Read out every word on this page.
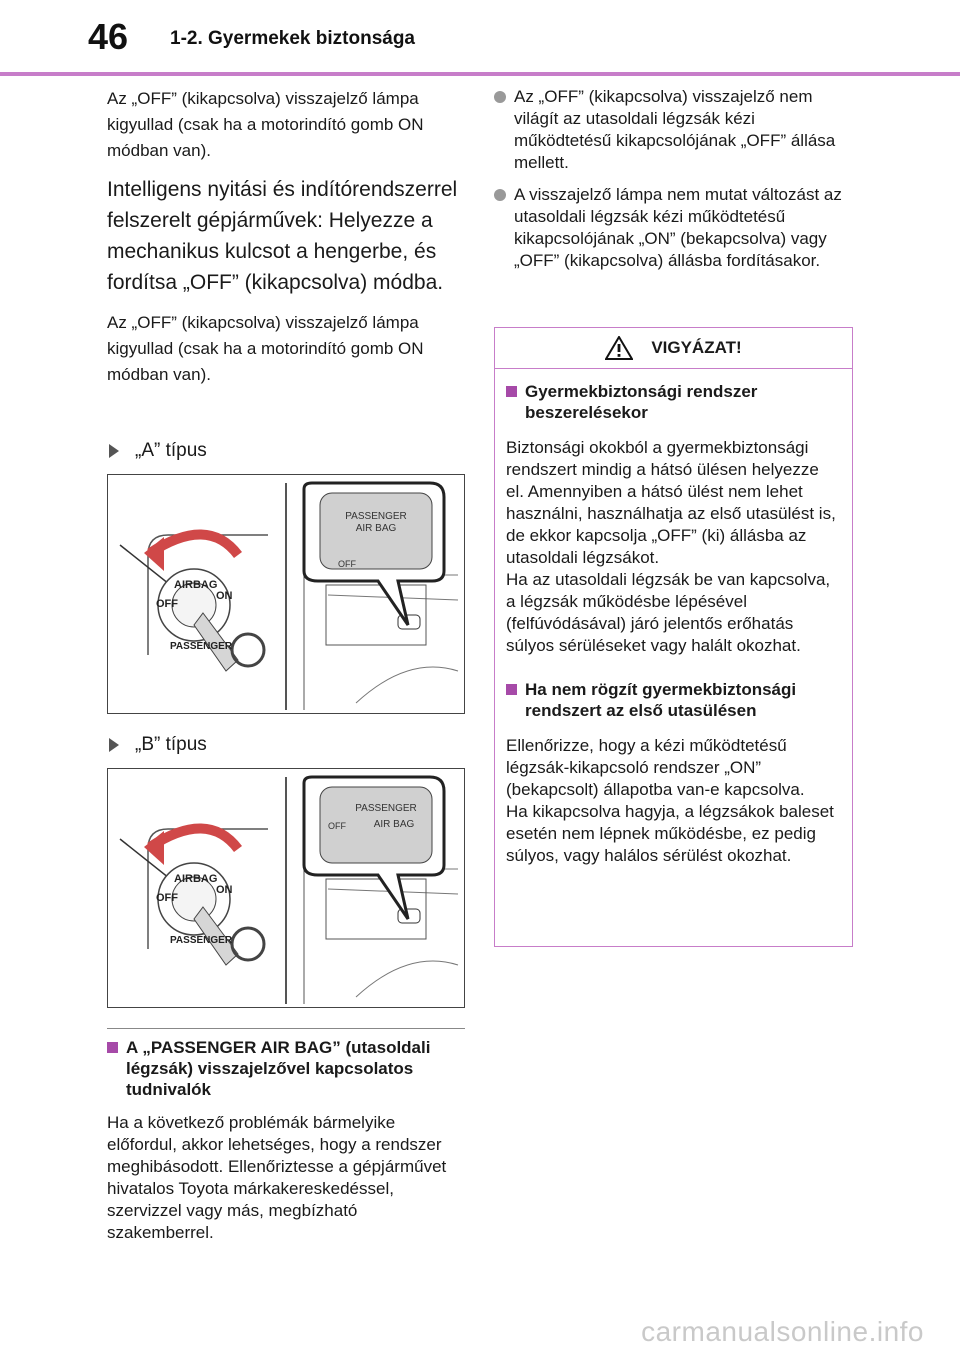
46 1-2. Gyermekek biztonsága

Az „OFF” (kikapcsolva) visszajelző lámpa kigyullad (csak ha a motorindító gomb ON módban van).

Intelligens nyitási és indítórendszerrel felszerelt gépjárművek: Helyezze a mechanikus kulcsot a hengerbe, és fordítsa „OFF” (kikapcsolva) módba.

Az „OFF” (kikapcsolva) visszajelző lámpa kigyullad (csak ha a motorindító gomb ON módban van).

„A” típus
AIRBAG
ON
OFF
PASSENGER
PASSENGER
AIR BAG
OFF
„B” típus
AIRBAG
ON
OFF
PASSENGER
PASSENGER
AIR BAG
OFF
A „PASSENGER AIR BAG” (utasoldali légzsák) visszajelzővel kapcsolatos tudnivalók
Ha a következő problémák bármelyike előfordul, akkor lehetséges, hogy a rendszer meghibásodott. Ellenőriztesse a gépjárművet hivatalos Toyota márkakereskedéssel, szervizzel vagy más, megbízható szakemberrel.
Az „OFF” (kikapcsolva) visszajelző nem világít az utasoldali légzsák kézi működtetésű kikapcsolójának „OFF” állása mellett.
A visszajelző lámpa nem mutat változást az utasoldali légzsák kézi működtetésű kikapcsolójának „ON” (bekapcsolva) vagy „OFF” (kikapcsolva) állásba fordításakor.
VIGYÁZAT!
Gyermekbiztonsági rendszer beszerelésekor

Biztonsági okokból a gyermekbiztonsági rendszert mindig a hátsó ülésen helyezze el. Amennyiben a hátsó ülést nem lehet használni, használhatja az első utasülést is, de ekkor kapcsolja „OFF” (ki) állásba az utasoldali légzsákot.
Ha az utasoldali légzsák be van kapcsolva, a légzsák működésbe lépésével (felfúvódásával) járó jelentős erőhatás súlyos sérüléseket vagy halált okozhat.

Ha nem rögzít gyermekbiztonsági rendszert az első utasülésen

Ellenőrizze, hogy a kézi működtetésű légzsák-kikapcsoló rendszer „ON” (bekapcsolt) állapotba van-e kapcsolva.
Ha kikapcsolva hagyja, a légzsákok baleset esetén nem lépnek működésbe, ez pedig súlyos, vagy halálos sérülést okozhat.

carmanualsonline.info
